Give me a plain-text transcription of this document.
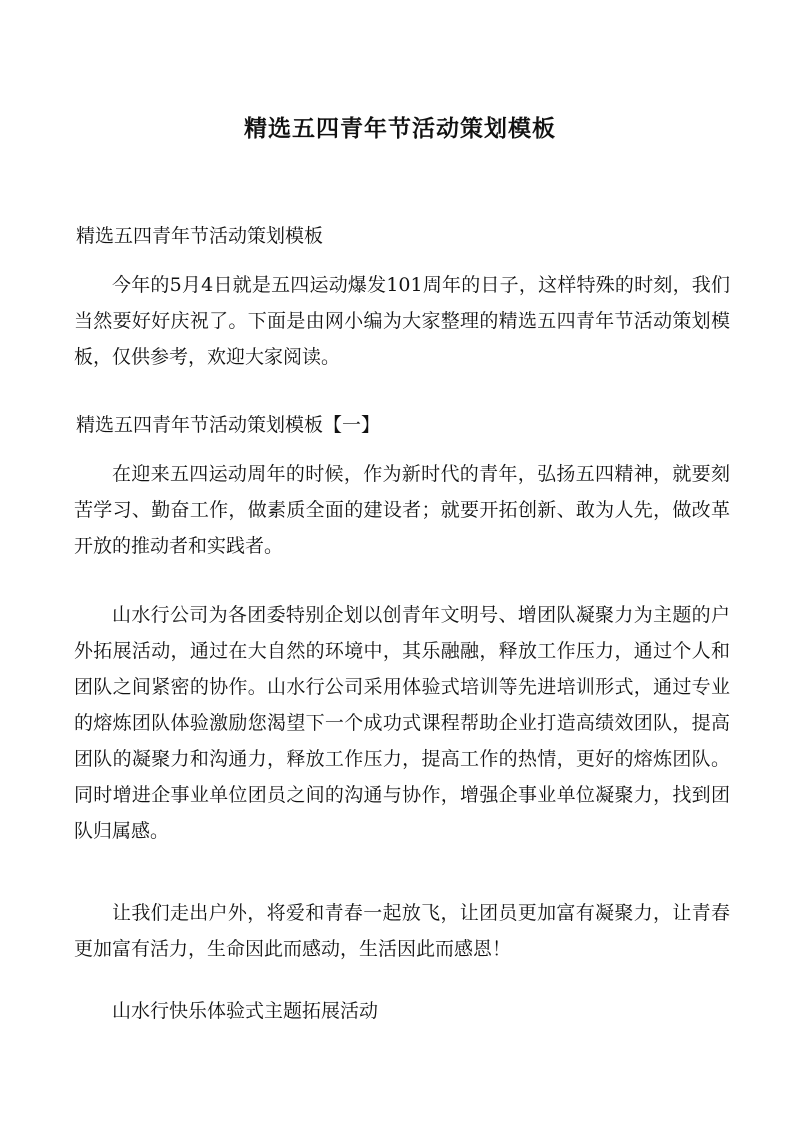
精选五四青年节活动策划模板

精选五四青年节活动策划模板

今年的5月4日就是五四运动爆发101周年的日子，这样特殊的时刻，我们当然要好好庆祝了。下面是由网小编为大家整理的精选五四青年节活动策划模板，仅供参考，欢迎大家阅读。

精选五四青年节活动策划模板【一】

在迎来五四运动周年的时候，作为新时代的青年，弘扬五四精神，就要刻苦学习、勤奋工作，做素质全面的建设者；就要开拓创新、敢为人先，做改革开放的推动者和实践者。

山水行公司为各团委特别企划以创青年文明号、增团队凝聚力为主题的户外拓展活动，通过在大自然的环境中，其乐融融，释放工作压力，通过个人和团队之间紧密的协作。山水行公司采用体验式培训等先进培训形式，通过专业的熔炼团队体验激励您渴望下一个成功式课程帮助企业打造高绩效团队，提高团队的凝聚力和沟通力，释放工作压力，提高工作的热情，更好的熔炼团队。同时增进企事业单位团员之间的沟通与协作，增强企事业单位凝聚力，找到团队归属感。

让我们走出户外，将爱和青春一起放飞，让团员更加富有凝聚力，让青春更加富有活力，生命因此而感动，生活因此而感恩！

山水行快乐体验式主题拓展活动
